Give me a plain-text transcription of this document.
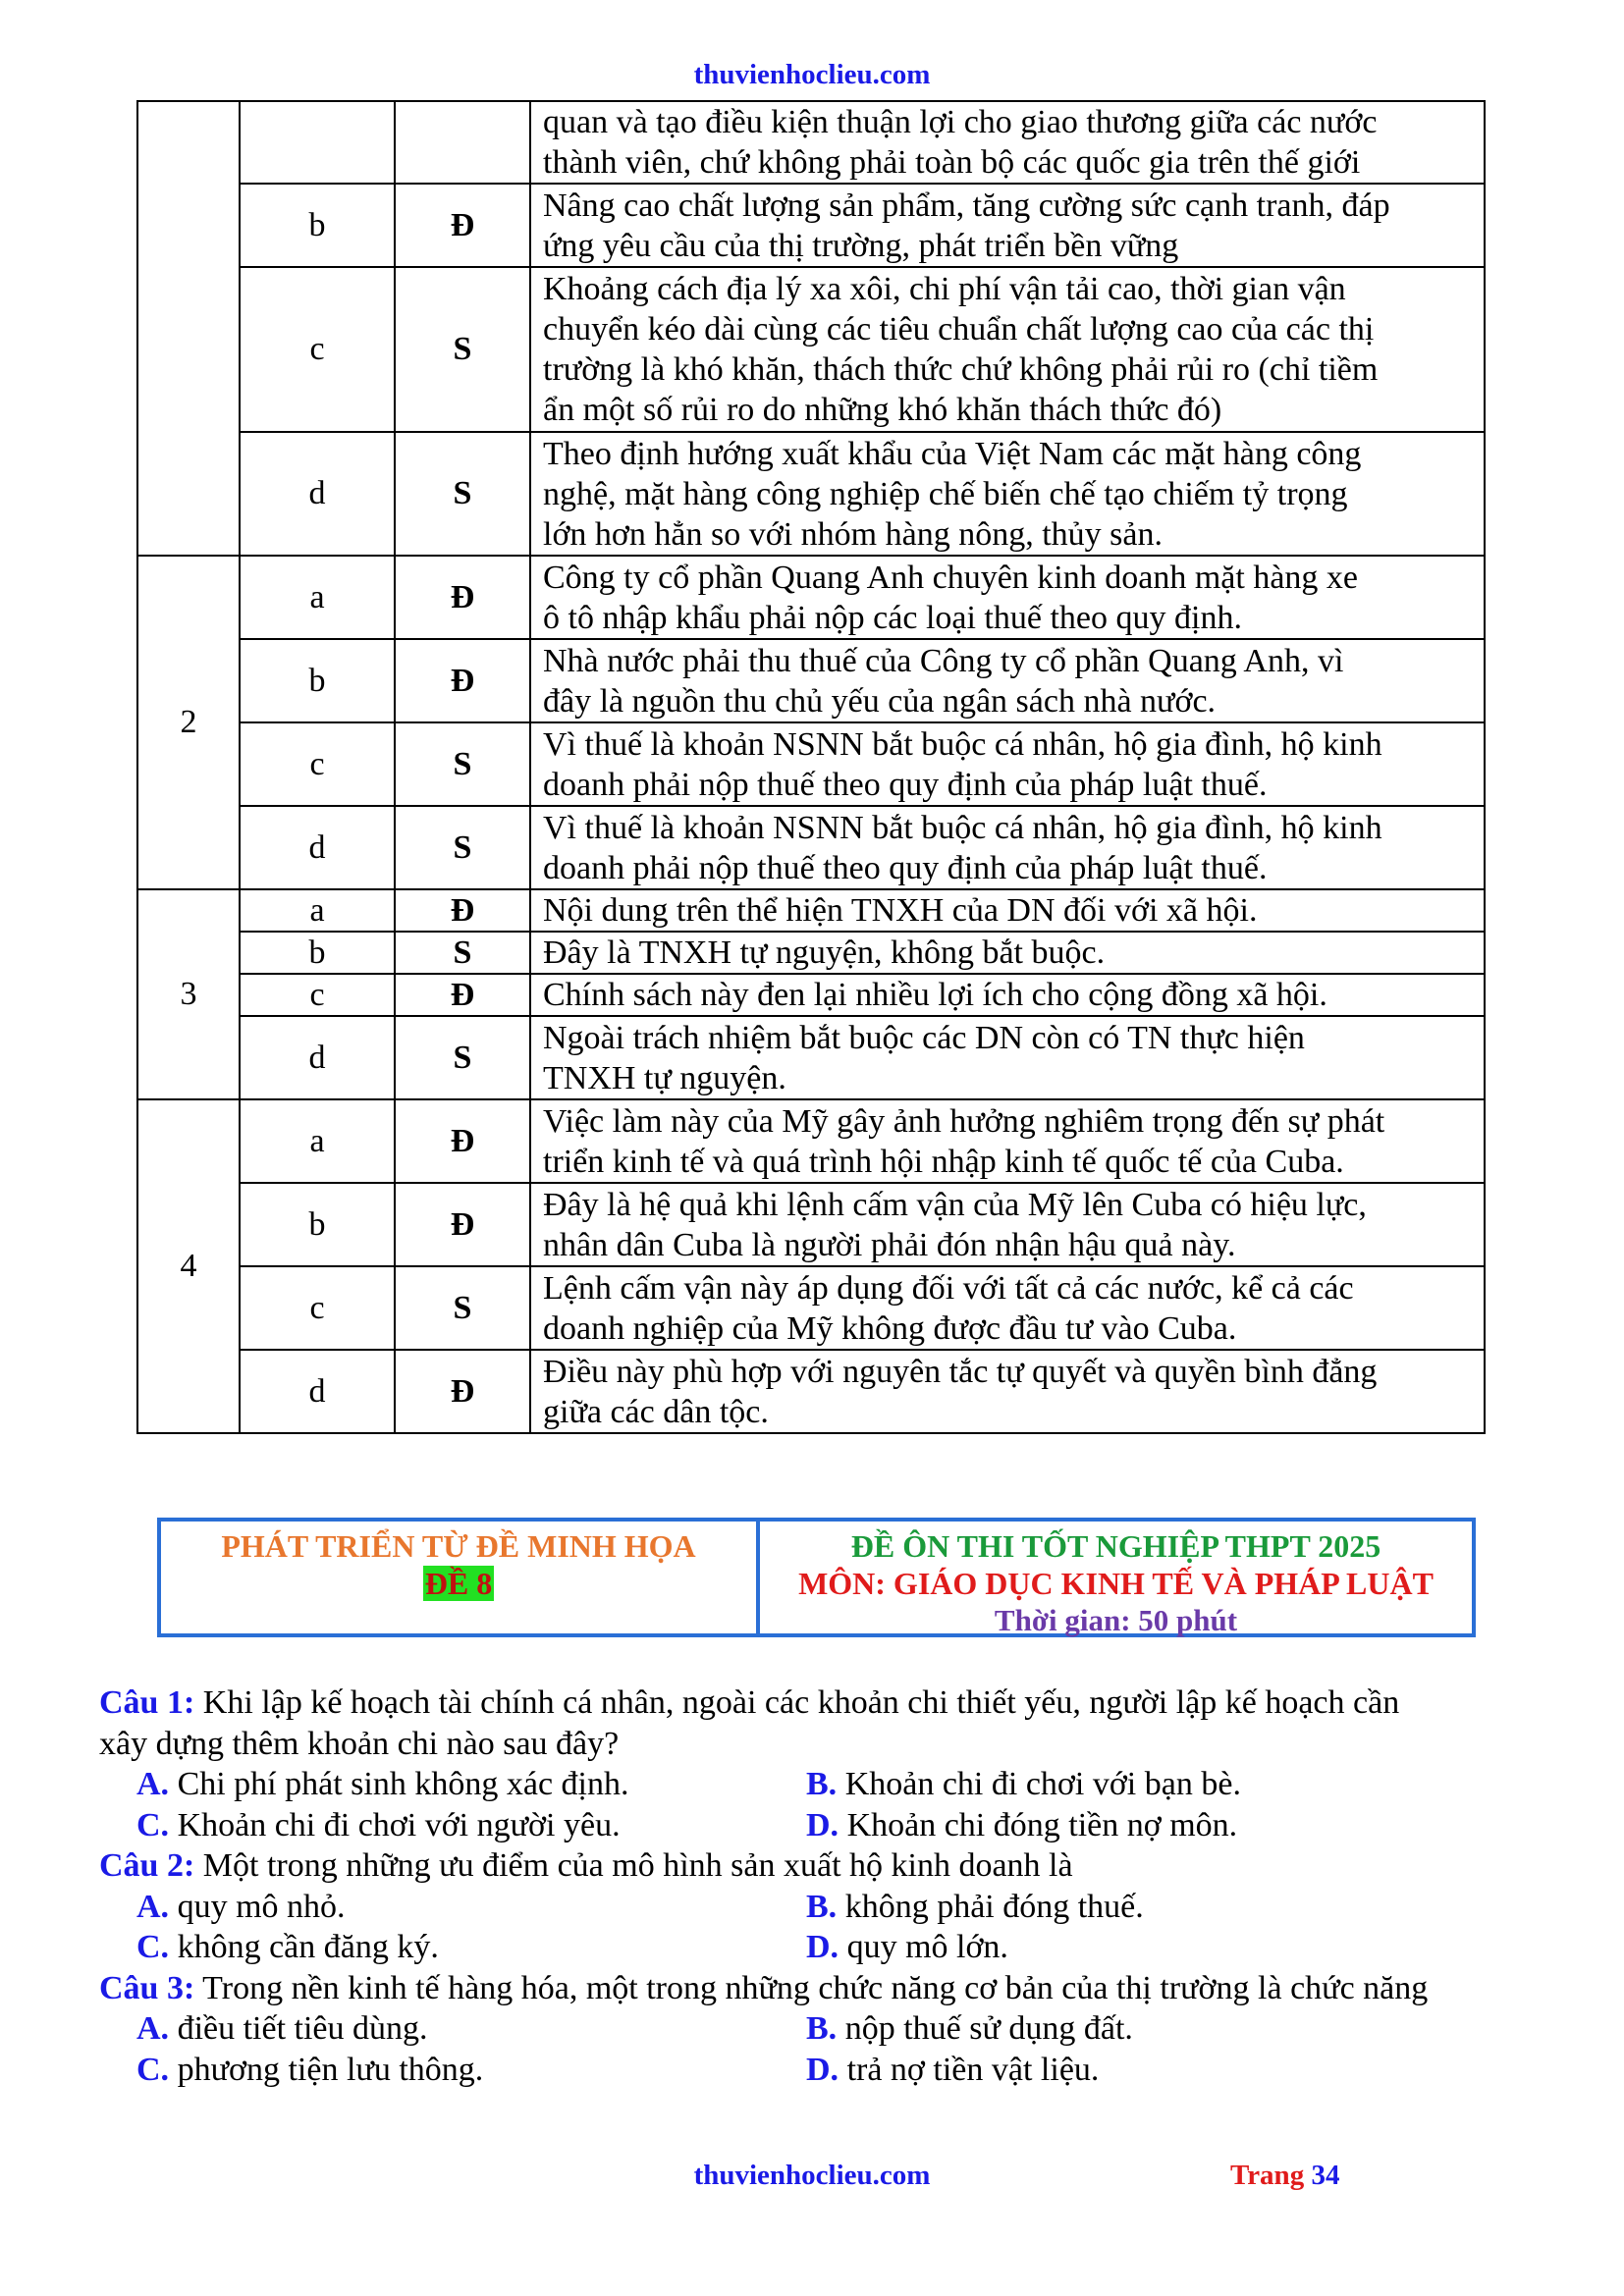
thuvienhoclieu.com

			quan và tạo điều kiện thuận lợi cho giao thương giữa các nước
thành viên, chứ không phải toàn bộ các quốc gia trên thế giới

	b	Đ	Nâng cao chất lượng sản phẩm, tăng cường sức cạnh tranh, đáp
ứng yêu cầu của thị trường, phát triển bền vững

	c	S	Khoảng cách địa lý xa xôi, chi phí vận tải cao, thời gian vận
chuyển kéo dài cùng các tiêu chuẩn chất lượng cao của các thị
trường là khó khăn, thách thức chứ không phải rủi ro (chỉ tiềm
ẩn một số rủi ro do những khó khăn thách thức đó)

	d	S	Theo định hướng xuất khẩu của Việt Nam các mặt hàng công
nghệ, mặt hàng công nghiệp chế biến chế tạo chiếm tỷ trọng
lớn hơn hẳn so với nhóm hàng nông, thủy sản.

2	a	Đ	Công ty cổ phần Quang Anh chuyên kinh doanh mặt hàng xe
ô tô nhập khẩu phải nộp các loại thuế theo quy định.

	b	Đ	Nhà nước phải thu thuế của Công ty cổ phần Quang Anh, vì
đây là nguồn thu chủ yếu của ngân sách nhà nước.

	c	S	Vì thuế là khoản NSNN bắt buộc cá nhân, hộ gia đình, hộ kinh
doanh phải nộp thuế theo quy định của pháp luật thuế.

	d	S	Vì thuế là khoản NSNN bắt buộc cá nhân, hộ gia đình, hộ kinh
doanh phải nộp thuế theo quy định của pháp luật thuế.

3	a	Đ	Nội dung trên thể hiện TNXH của DN đối với xã hội.

	b	S	Đây là TNXH tự nguyện, không bắt buộc.

	c	Đ	Chính sách này đen lại nhiều lợi ích cho cộng đồng xã hội.

	d	S	Ngoài trách nhiệm bắt buộc các DN còn có TN thực hiện
TNXH tự nguyện.

4	a	Đ	Việc làm này của Mỹ gây ảnh hưởng nghiêm trọng đến sự phát
triển kinh tế và quá trình hội nhập kinh tế quốc tế của Cuba.

	b	Đ	Đây là hệ quả khi lệnh cấm vận của Mỹ lên Cuba có hiệu lực,
nhân dân Cuba là người phải đón nhận hậu quả này.

	c	S	Lệnh cấm vận này áp dụng đối với tất cả các nước, kể cả các
doanh nghiệp của Mỹ không được đầu tư vào Cuba.

	d	Đ	Điều này phù hợp với nguyên tắc tự quyết và quyền bình đẳng
giữa các dân tộc.
PHÁT TRIỂN TỪ ĐỀ MINH HỌA
ĐỀ 8
ĐỀ ÔN THI TỐT NGHIỆP THPT 2025
MÔN: GIÁO DỤC KINH TẾ VÀ PHÁP LUẬT
Thời gian: 50 phút
Câu 1: Khi lập kế hoạch tài chính cá nhân, ngoài các khoản chi thiết yếu, người lập kế hoạch cần
xây dựng thêm khoản chi nào sau đây?
A. Chi phí phát sinh không xác định.	B. Khoản chi đi chơi với bạn bè.
C. Khoản chi đi chơi với người yêu.	D. Khoản chi đóng tiền nợ môn.
Câu 2: Một trong những ưu điểm của mô hình sản xuất hộ kinh doanh là
A. quy mô nhỏ.	B. không phải đóng thuế.
C. không cần đăng ký.	D. quy mô lớn.
Câu 3: Trong nền kinh tế hàng hóa, một trong những chức năng cơ bản của thị trường là chức năng
A. điều tiết tiêu dùng.	B. nộp thuế sử dụng đất.
C. phương tiện lưu thông.	D. trả nợ tiền vật liệu.
thuvienhoclieu.com	Trang 34
